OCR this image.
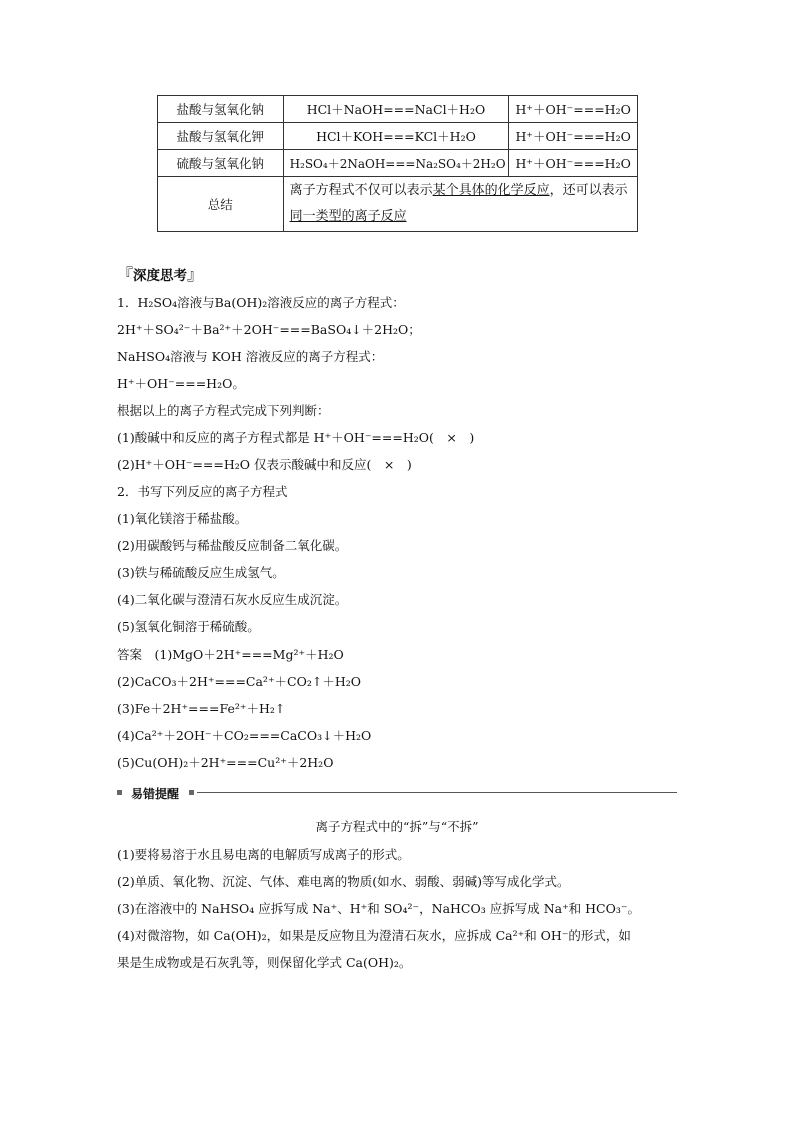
盐酸与氢氧化钠	HCl＋NaOH===NaCl＋H₂O	H⁺＋OH⁻===H₂O
盐酸与氢氧化钾	HCl＋KOH===KCl＋H₂O	H⁺＋OH⁻===H₂O
硫酸与氢氧化钠	H₂SO₄＋2NaOH===Na₂SO₄＋2H₂O	H⁺＋OH⁻===H₂O
总结	离子方程式不仅可以表示某个具体的化学反应，还可以表示同一类型的离子反应	
『深度思考』
1．H₂SO₄溶液与Ba(OH)₂溶液反应的离子方程式：
2H⁺＋SO₄²⁻＋Ba²⁺＋2OH⁻===BaSO₄↓＋2H₂O；
NaHSO₄溶液与 KOH 溶液反应的离子方程式：
H⁺＋OH⁻===H₂O。
根据以上的离子方程式完成下列判断：
(1)酸碱中和反应的离子方程式都是 H⁺＋OH⁻===H₂O(　×　)
(2)H⁺＋OH⁻===H₂O 仅表示酸碱中和反应(　×　)
2．书写下列反应的离子方程式
(1)氧化镁溶于稀盐酸。
(2)用碳酸钙与稀盐酸反应制备二氧化碳。
(3)铁与稀硫酸反应生成氢气。
(4)二氧化碳与澄清石灰水反应生成沉淀。
(5)氢氧化铜溶于稀硫酸。
答案　 (1)MgO＋2H⁺===Mg²⁺＋H₂O
(2)CaCO₃＋2H⁺===Ca²⁺＋CO₂↑＋H₂O
(3)Fe＋2H⁺===Fe²⁺＋H₂↑
(4)Ca²⁺＋2OH⁻＋CO₂===CaCO₃↓＋H₂O
(5)Cu(OH)₂＋2H⁺===Cu²⁺＋2H₂O
易错提醒
离子方程式中的“拆”与“不拆”
(1)要将易溶于水且易电离的电解质写成离子的形式。
(2)单质、氧化物、沉淀、气体、难电离的物质(如水、弱酸、弱碱)等写成化学式。
(3)在溶液中的 NaHSO₄ 应拆写成 Na⁺、H⁺和 SO₄²⁻，NaHCO₃ 应拆写成 Na⁺和 HCO₃⁻。
(4)对微溶物，如 Ca(OH)₂，如果是反应物且为澄清石灰水，应拆成 Ca²⁺和 OH⁻的形式，如
果是生成物或是石灰乳等，则保留化学式 Ca(OH)₂。
